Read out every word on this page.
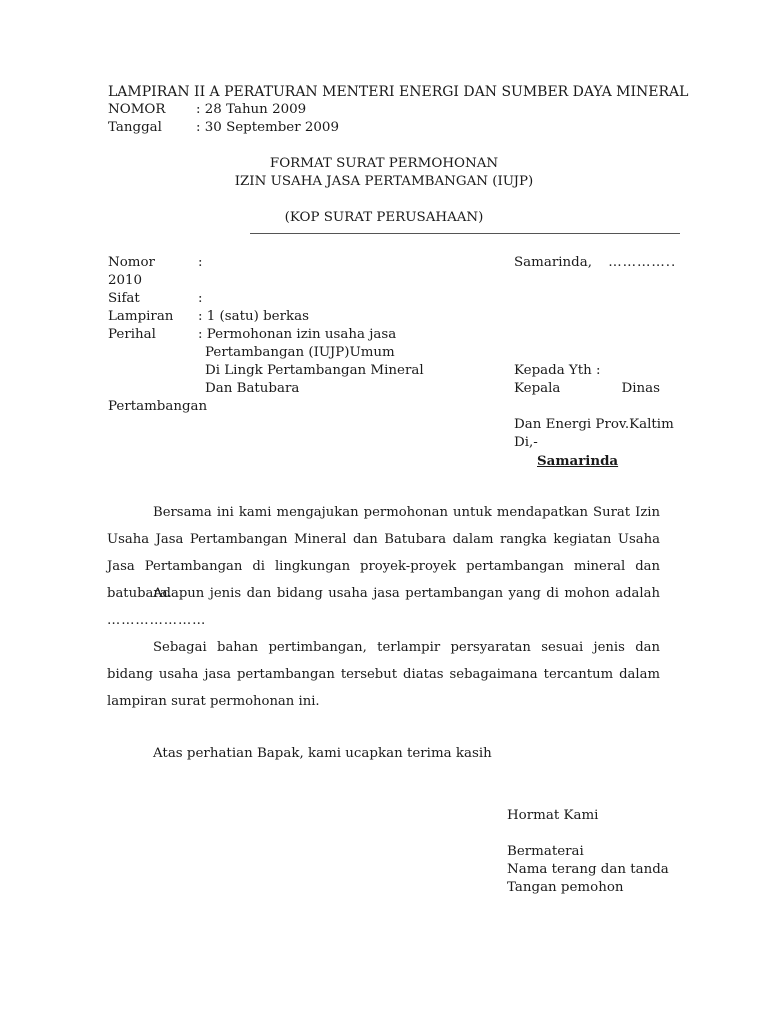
LAMPIRAN II A PERATURAN MENTERI ENERGI DAN SUMBER DAYA MINERAL
NOMOR : 28 Tahun 2009
Tanggal	: 30 September 2009
FORMAT SURAT PERMOHONAN
IZIN USAHA JASA PERTAMBANGAN (IUJP)
(KOP SURAT PERUSAHAAN)
Nomor	:
2010
Sifat	:
Lampiran : 1 (satu) berkas
Perihal	: Permohonan izin usaha jasa
Pertambangan (IUJP)Umum
Di Lingk Pertambangan Mineral
Dan Batubara
Pertambangan
Samarinda, …………..
Kepada Yth :
Kepala	Dinas
Dan Energi Prov.Kaltim
Di,-
Samarinda
Bersama ini kami mengajukan permohonan untuk mendapatkan Surat Izin Usaha Jasa Pertambangan Mineral dan Batubara dalam rangka kegiatan Usaha Jasa Pertambangan di lingkungan proyek-proyek pertambangan mineral dan batubara.
Adapun jenis dan bidang usaha jasa pertambangan yang di mohon adalah …………………
Sebagai bahan pertimbangan, terlampir persyaratan sesuai jenis dan bidang usaha jasa pertambangan tersebut diatas sebagaimana tercantum dalam lampiran surat permohonan ini.
Atas perhatian Bapak, kami ucapkan terima kasih
Hormat Kami
Bermaterai
Nama terang dan tanda
Tangan pemohon
